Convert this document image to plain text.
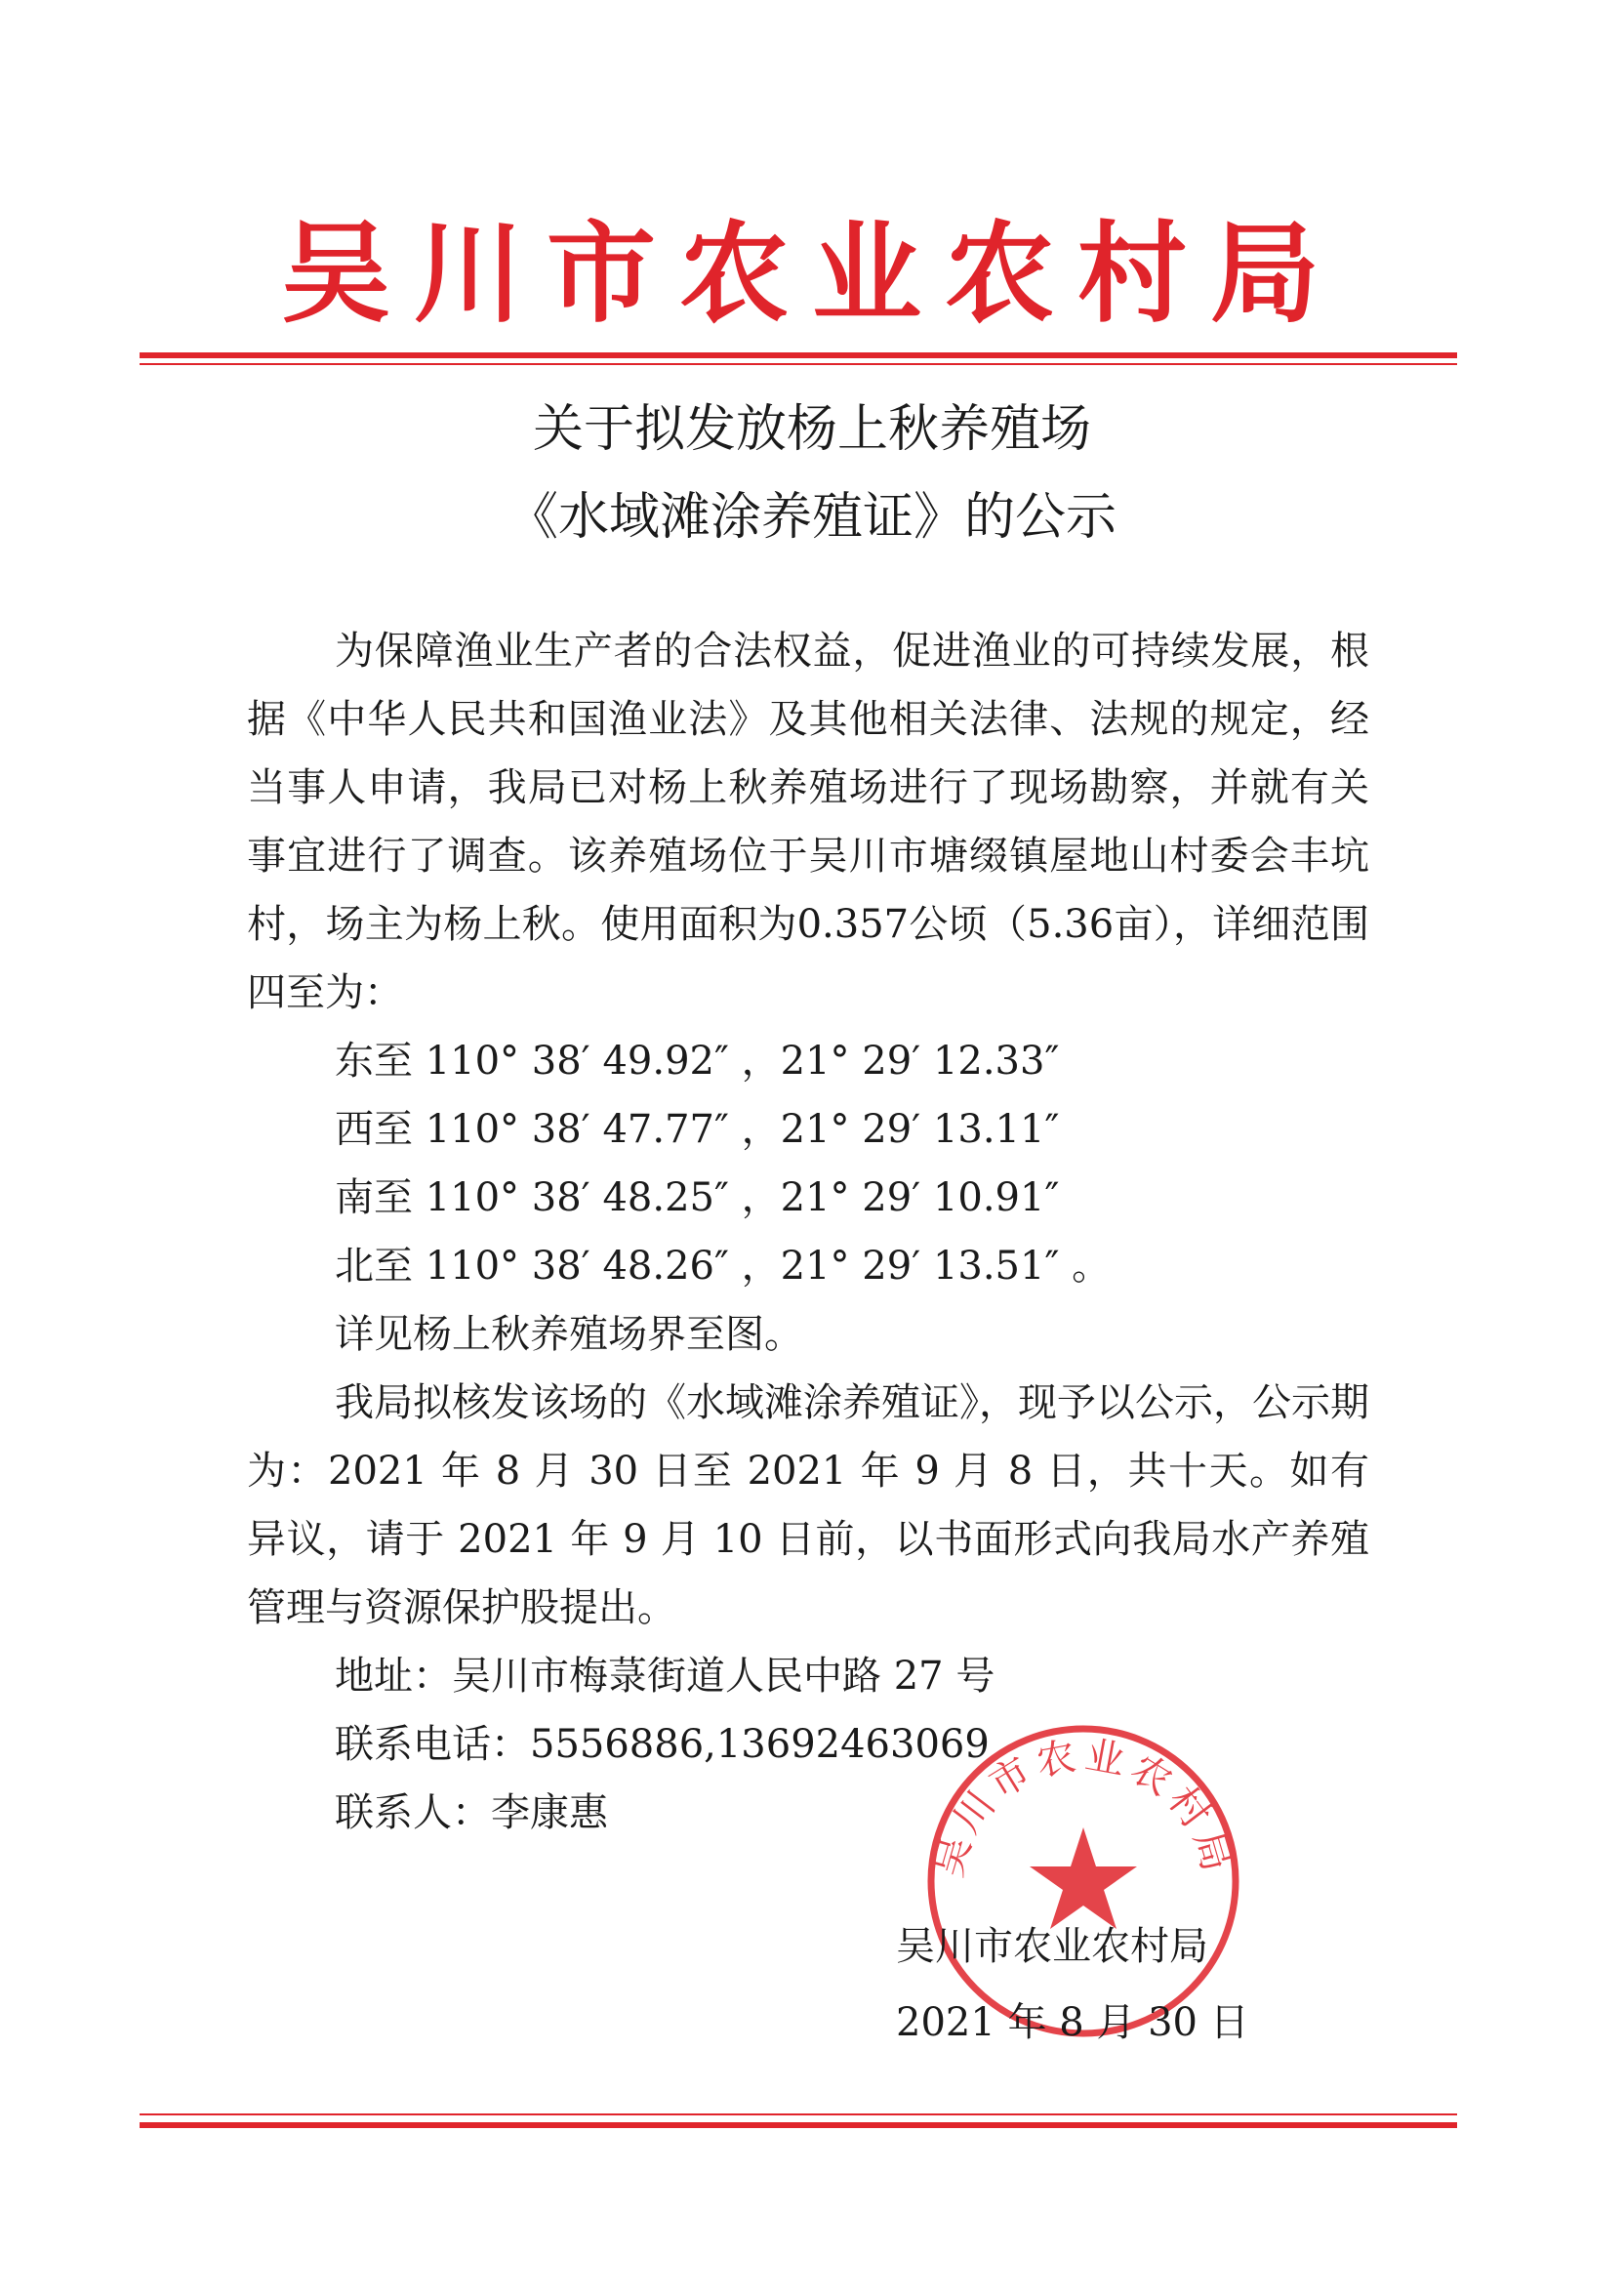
吴川市农业农村局
关于拟发放杨上秋养殖场
《水域滩涂养殖证》的公示

为保障渔业生产者的合法权益，促进渔业的可持续发展，根据《中华人民共和国渔业法》及其他相关法律、法规的规定，经当事人申请，我局已对杨上秋养殖场进行了现场勘察，并就有关事宜进行了调查。该养殖场位于吴川市塘缀镇屋地山村委会丰坑村，场主为杨上秋。使用面积为0.357公顷（5.36亩），详细范围四至为：

东至 110° 38′ 49.92″ ，21° 29′ 12.33″

西至 110° 38′ 47.77″ ，21° 29′ 13.11″

南至 110° 38′ 48.25″ ，21° 29′ 10.91″

北至 110° 38′ 48.26″ ，21° 29′ 13.51″ 。

详见杨上秋养殖场界至图。

我局拟核发该场的《水域滩涂养殖证》，现予以公示，公示期为：2021 年 8 月 30 日至 2021 年 9 月 8 日，共十天。如有异议，请于 2021 年 9 月 10 日前，以书面形式向我局水产养殖管理与资源保护股提出。

地址：吴川市梅菉街道人民中路 27 号

联系电话：5556886,13692463069

联系人：李康惠

吴川市农业农村局
吴川市农业农村局
2021 年 8 月 30 日
